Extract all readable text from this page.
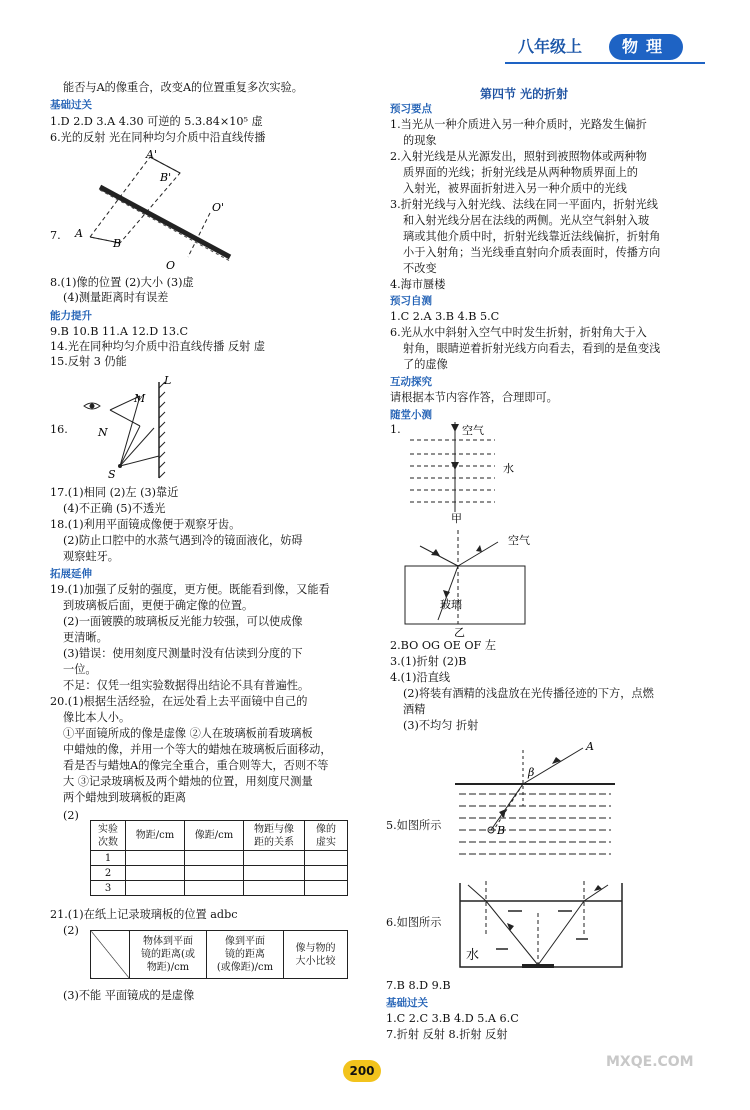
八年级上	物理
能否与A的像重合，改变A的位置重复多次实验。
基础过关
1.D 2.D 3.A 4.30 可逆的 5.3.84×10⁵ 虚
6.光的反射 光在同种均匀介质中沿直线传播
7.
A'
B'
O'
A
B
O
8.(1)像的位置 (2)大小 (3)虚
(4)测量距离时有误差
能力提升
9.B 10.B 11.A 12.D 13.C
14.光在同种均匀介质中沿直线传播 反射 虚
15.反射 3 仍能
16.
L
M
N
S
17.(1)相同 (2)左 (3)靠近
(4)不正确 (5)不透光
18.(1)利用平面镜成像便于观察牙齿。
(2)防止口腔中的水蒸气遇到冷的镜面液化，妨碍
观察蛀牙。
拓展延伸
19.(1)加强了反射的强度，更方便。既能看到像，又能看
到玻璃板后面，更便于确定像的位置。
(2)一面镀膜的玻璃板反光能力较强，可以使成像
更清晰。
(3)错误：使用刻度尺测量时没有估读到分度的下
一位。
不足：仅凭一组实验数据得出结论不具有普遍性。
20.(1)根据生活经验，在远处看上去平面镜中自己的
像比本人小。
①平面镜所成的像是虚像 ②人在玻璃板前看玻璃板
中蜡烛的像，并用一个等大的蜡烛在玻璃板后面移动，
看是否与蜡烛A的像完全重合，重合则等大，否则不等
大 ③记录玻璃板及两个蜡烛的位置，用刻度尺测量
两个蜡烛到玻璃板的距离
(2)
实验
次数	物距/cm	像距/cm	物距与像
距的关系	像的
虚实
1				
2				
3				
21.(1)在纸上记录玻璃板的位置 adbc
(2)
	物体到平面
镜的距离(或
物距)/cm	像到平面
镜的距离
(或像距)/cm	像与物的
大小比较
(3)不能 平面镜成的是虚像
第四节 光的折射
预习要点
1.当光从一种介质进入另一种介质时，光路发生偏折
的现象
2.入射光线是从光源发出，照射到被照物体或两种物
质界面的光线；折射光线是从两种物质界面上的
入射光，被界面折射进入另一种介质中的光线
3.折射光线与入射光线、法线在同一平面内，折射光线
和入射光线分居在法线的两侧。光从空气斜射入玻
璃或其他介质中时，折射光线靠近法线偏折，折射角
小于入射角；当光线垂直射向介质表面时，传播方向
不改变
4.海市蜃楼
预习自测
1.C 2.A 3.B 4.B 5.C
6.光从水中斜射入空气中时发生折射，折射角大于入
射角，眼睛逆着折射光线方向看去，看到的是鱼变浅
了的虚像
互动探究
请根据本节内容作答，合理即可。
随堂小测
1.	空气
水
甲
空气
玻璃
乙
2.BO OG OE OF 左
3.(1)折射 (2)B
4.(1)沿直线
(2)将装有酒精的浅盘放在光传播径迹的下方，点燃
酒精
(3)不均匀 折射
5.如图所示
A
β
B
6.如图所示
水
7.B 8.D 9.B
基础过关
1.C 2.C 3.B 4.D 5.A 6.C
7.折射 反射 8.折射 反射
200
MXQE.COM
